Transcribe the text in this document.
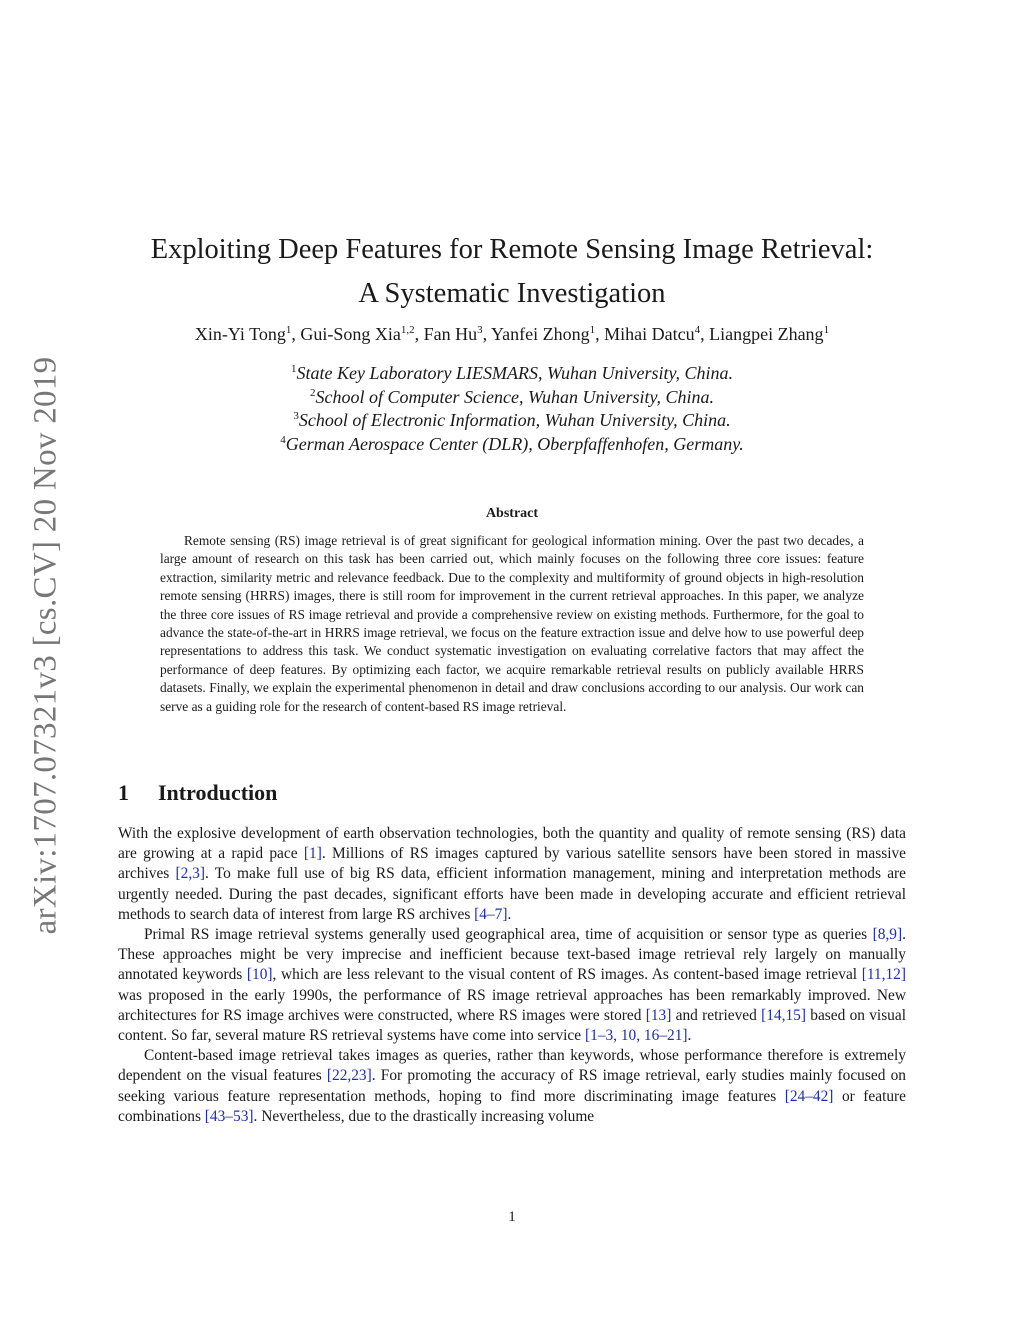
arXiv:1707.07321v3 [cs.CV] 20 Nov 2019
Exploiting Deep Features for Remote Sensing Image Retrieval:
A Systematic Investigation
Xin-Yi Tong$^1$, Gui-Song Xia$^{1,2}$, Fan Hu$^3$, Yanfei Zhong$^1$, Mihai Datcu$^4$, Liangpei Zhang$^1$
$^1$State Key Laboratory LIESMARS, Wuhan University, China.
$^2$School of Computer Science, Wuhan University, China.
$^3$School of Electronic Information, Wuhan University, China.
$^4$German Aerospace Center (DLR), Oberpfaffenhofen, Germany.
Abstract

Remote sensing (RS) image retrieval is of great significant for geological information mining. Over the past two decades, a large amount of research on this task has been carried out, which mainly focuses on the following three core issues: feature extraction, similarity metric and relevance feedback. Due to the complexity and multiformity of ground objects in high-resolution remote sensing (HRRS) images, there is still room for improvement in the current retrieval approaches. In this paper, we analyze the three core issues of RS image retrieval and provide a comprehensive review on existing methods. Furthermore, for the goal to advance the state-of-the-art in HRRS image retrieval, we focus on the feature extraction issue and delve how to use powerful deep representations to address this task. We conduct systematic investigation on evaluating correlative factors that may affect the performance of deep features. By optimizing each factor, we acquire remarkable retrieval results on publicly available HRRS datasets. Finally, we explain the experimental phenomenon in detail and draw conclusions according to our analysis. Our work can serve as a guiding role for the research of content-based RS image retrieval.

1 Introduction

With the explosive development of earth observation technologies, both the quantity and quality of remote sensing (RS) data are growing at a rapid pace [1]. Millions of RS images captured by various satellite sensors have been stored in massive archives [2,3]. To make full use of big RS data, efficient information management, mining and interpretation methods are urgently needed. During the past decades, significant efforts have been made in developing accurate and efficient retrieval methods to search data of interest from large RS archives [4–7].

Primal RS image retrieval systems generally used geographical area, time of acquisition or sensor type as queries [8,9]. These approaches might be very imprecise and inefficient because text-based image retrieval rely largely on manually annotated keywords [10], which are less relevant to the visual content of RS images. As content-based image retrieval [11,12] was proposed in the early 1990s, the performance of RS image retrieval approaches has been remarkably improved. New architectures for RS image archives were constructed, where RS images were stored [13] and retrieved [14,15] based on visual content. So far, several mature RS retrieval systems have come into service [1–3, 10, 16–21].

Content-based image retrieval takes images as queries, rather than keywords, whose performance therefore is extremely dependent on the visual features [22,23]. For promoting the accuracy of RS image retrieval, early studies mainly focused on seeking various feature representation methods, hoping to find more discriminating image features [24–42] or feature combinations [43–53]. Nevertheless, due to the drastically increasing volume

1
